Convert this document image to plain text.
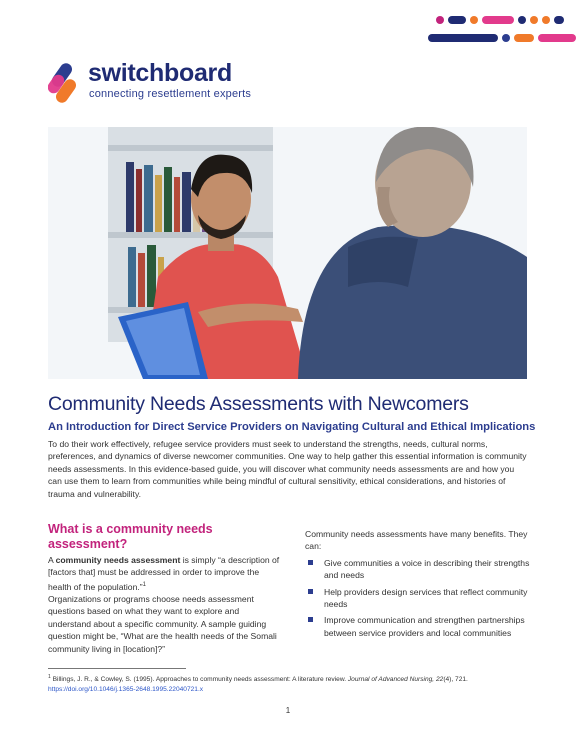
switchboard
connecting resettlement experts
Community Needs Assessments with Newcomers
An Introduction for Direct Service Providers on Navigating Cultural and Ethical Implications
To do their work effectively, refugee service providers must seek to understand the strengths, needs, cultural norms, preferences, and dynamics of diverse newcomer communities. One way to help gather this essential information is community needs assessments. In this evidence-based guide, you will discover what community needs assessments are and how you can use them to learn from communities while being mindful of cultural sensitivity, ethical considerations, and histories of trauma and vulnerability.
What is a community needs assessment?
A community needs assessment is simply “a description of [factors that] must be addressed in order to improve the health of the population.”$^1$
Organizations or programs choose needs assessment questions based on what they want to explore and understand about a specific community. A sample guiding question might be, “What are the health needs of the Somali community living in [location]?”
Community needs assessments have many benefits. They can:
Give communities a voice in describing their strengths and needs
Help providers design services that reflect community needs
Improve communication and strengthen partnerships between service providers and local communities
$^1$ Billings, J. R., & Cowley, S. (1995). Approaches to community needs assessment: A literature review. Journal of Advanced Nursing, 22(4), 721.
https://doi.org/10.1046/j.1365-2648.1995.22040721.x
1
